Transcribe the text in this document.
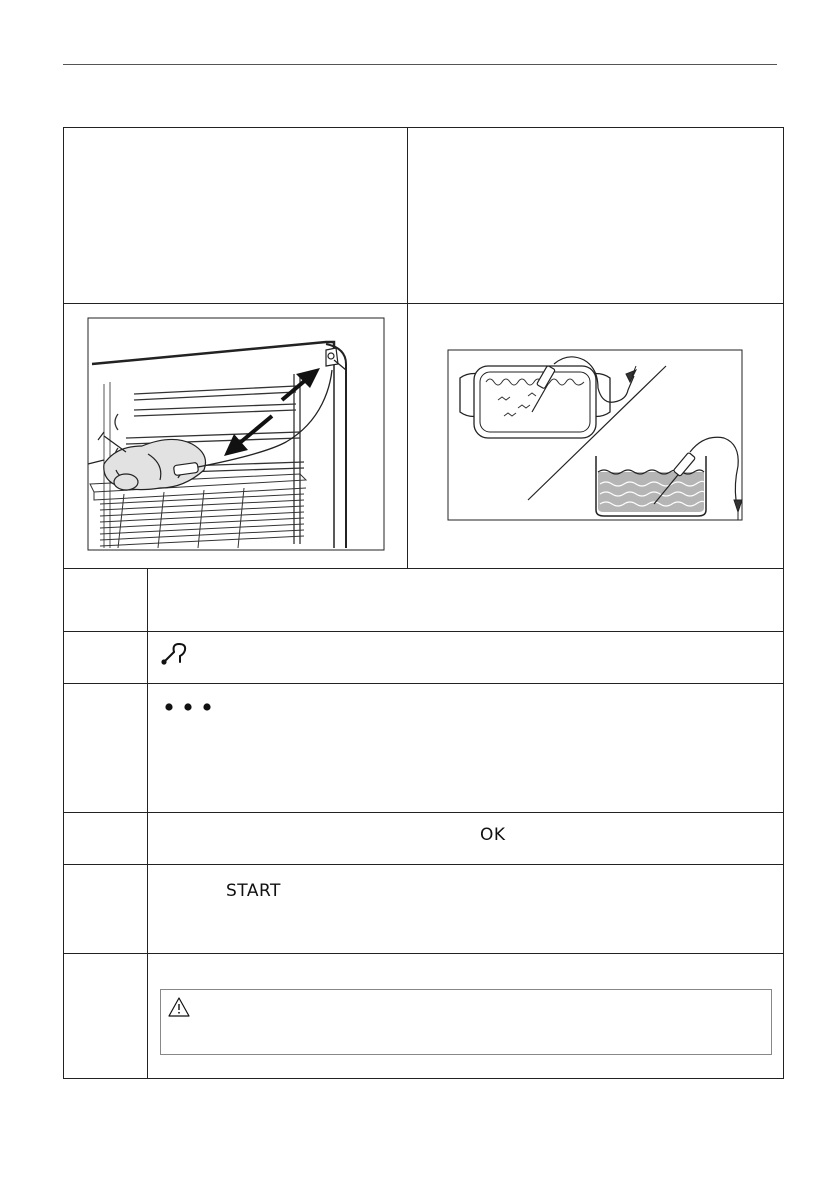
	OK	

	START	
